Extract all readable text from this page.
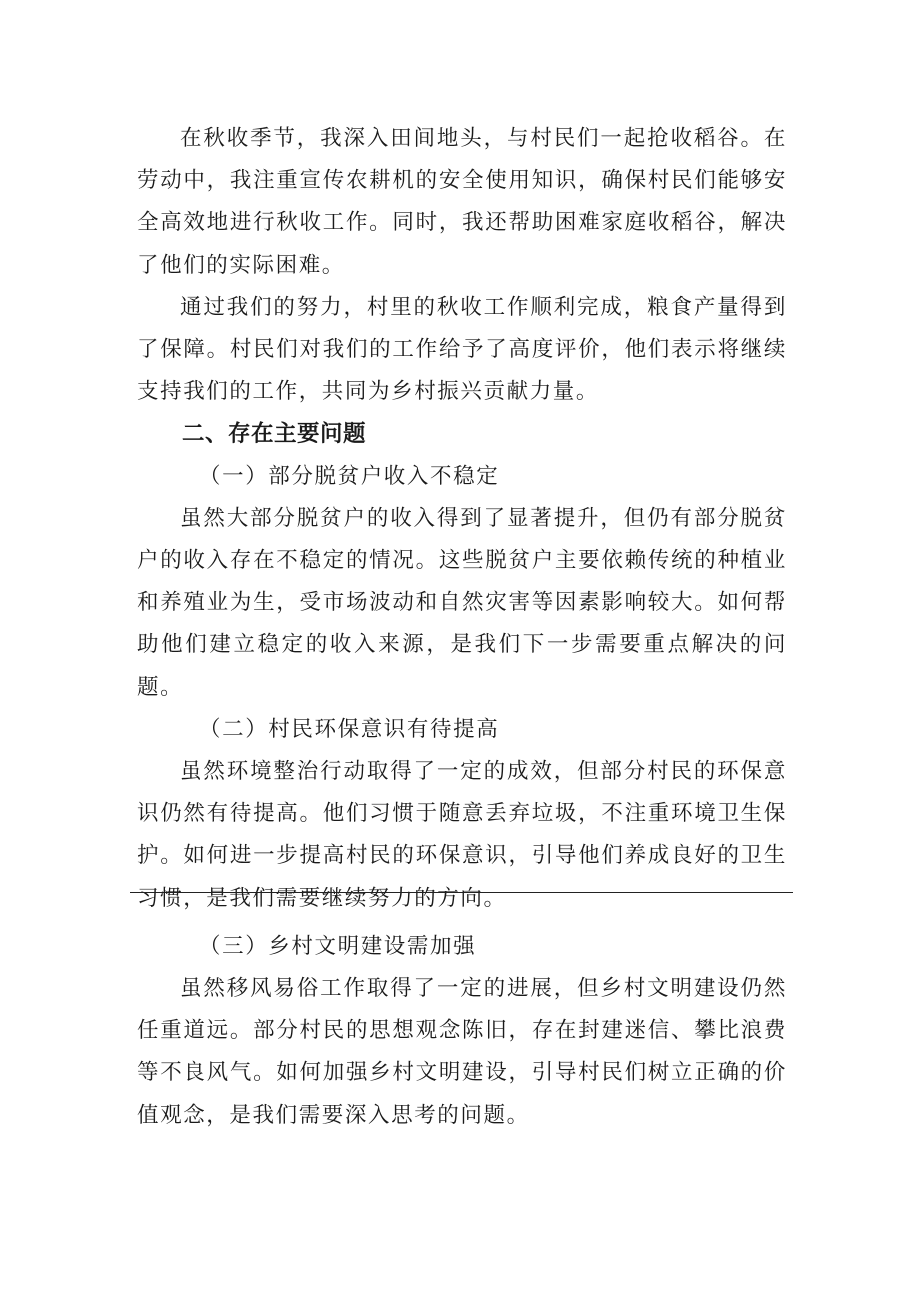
在秋收季节，我深入田间地头，与村民们一起抢收稻谷。在劳动中，我注重宣传农耕机的安全使用知识，确保村民们能够安全高效地进行秋收工作。同时，我还帮助困难家庭收稻谷，解决了他们的实际困难。

通过我们的努力，村里的秋收工作顺利完成，粮食产量得到了保障。村民们对我们的工作给予了高度评价，他们表示将继续支持我们的工作，共同为乡村振兴贡献力量。

二、存在主要问题

（一）部分脱贫户收入不稳定

虽然大部分脱贫户的收入得到了显著提升，但仍有部分脱贫户的收入存在不稳定的情况。这些脱贫户主要依赖传统的种植业和养殖业为生，受市场波动和自然灾害等因素影响较大。如何帮助他们建立稳定的收入来源，是我们下一步需要重点解决的问题。

（二）村民环保意识有待提高

虽然环境整治行动取得了一定的成效，但部分村民的环保意识仍然有待提高。他们习惯于随意丢弃垃圾，不注重环境卫生保护。如何进一步提高村民的环保意识，引导他们养成良好的卫生习惯，是我们需要继续努力的方向。

（三）乡村文明建设需加强

虽然移风易俗工作取得了一定的进展，但乡村文明建设仍然任重道远。部分村民的思想观念陈旧，存在封建迷信、攀比浪费等不良风气。如何加强乡村文明建设，引导村民们树立正确的价值观念，是我们需要深入思考的问题。
